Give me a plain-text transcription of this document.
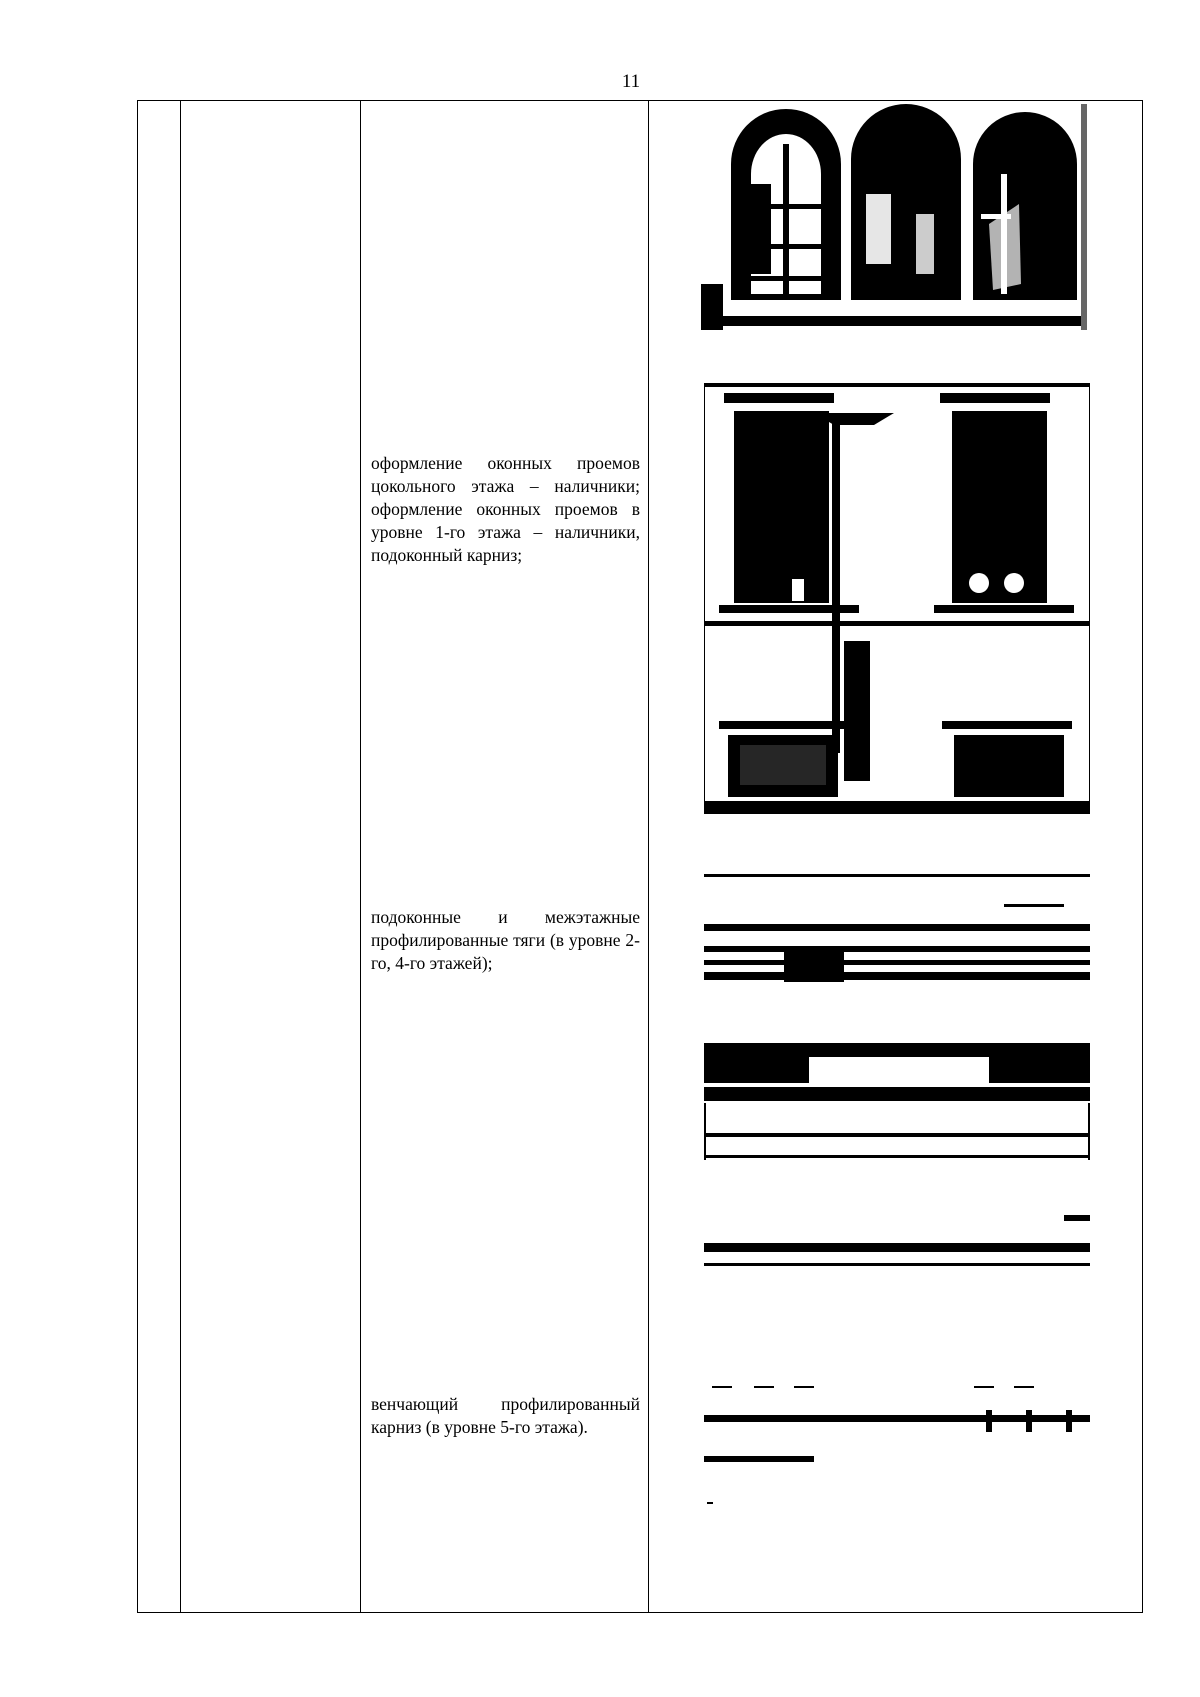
11
оформление оконных проемов цокольного этажа – наличники; оформление оконных проемов в уровне 1-го этажа – наличники, подоконный карниз;
подоконные и межэтажные профилированные тяги (в уровне 2-го, 4-го этажей);
венчающий профилированный карниз (в уровне 5-го этажа).
